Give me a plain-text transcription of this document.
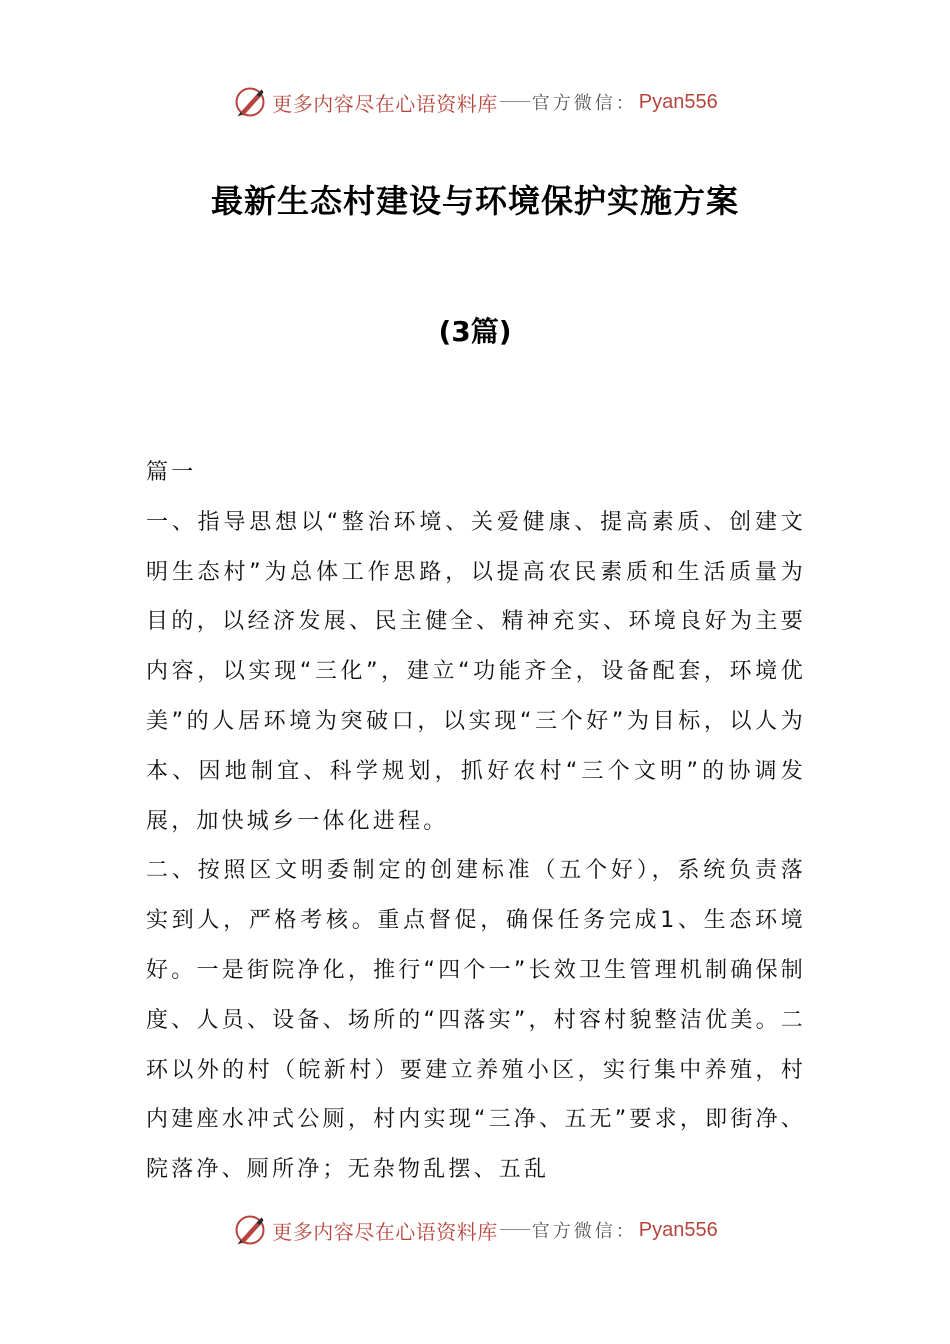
更多内容尽在心语资料库 官方微信： Pyan556
最新生态村建设与环境保护实施方案
(3篇)

篇一

一、指导思想以“整治环境、关爱健康、提高素质、创建文明生态村”为总体工作思路，以提高农民素质和生活质量为目的，以经济发展、民主健全、精神充实、环境良好为主要内容，以实现“三化”，建立“功能齐全，设备配套，环境优美”的人居环境为突破口，以实现“三个好”为目标，以人为本、因地制宜、科学规划，抓好农村“三个文明”的协调发展，加快城乡一体化进程。

二、按照区文明委制定的创建标准（五个好），系统负责落实到人，严格考核。重点督促，确保任务完成1、生态环境好。一是街院净化，推行“四个一”长效卫生管理机制确保制度、人员、设备、场所的“四落实”，村容村貌整洁优美。二环以外的村（皖新村）要建立养殖小区，实行集中养殖，村内建座水冲式公厕，村内实现“三净、五无”要求，即街净、院落净、厕所净；无杂物乱摆、五乱

更多内容尽在心语资料库 官方微信： Pyan556
